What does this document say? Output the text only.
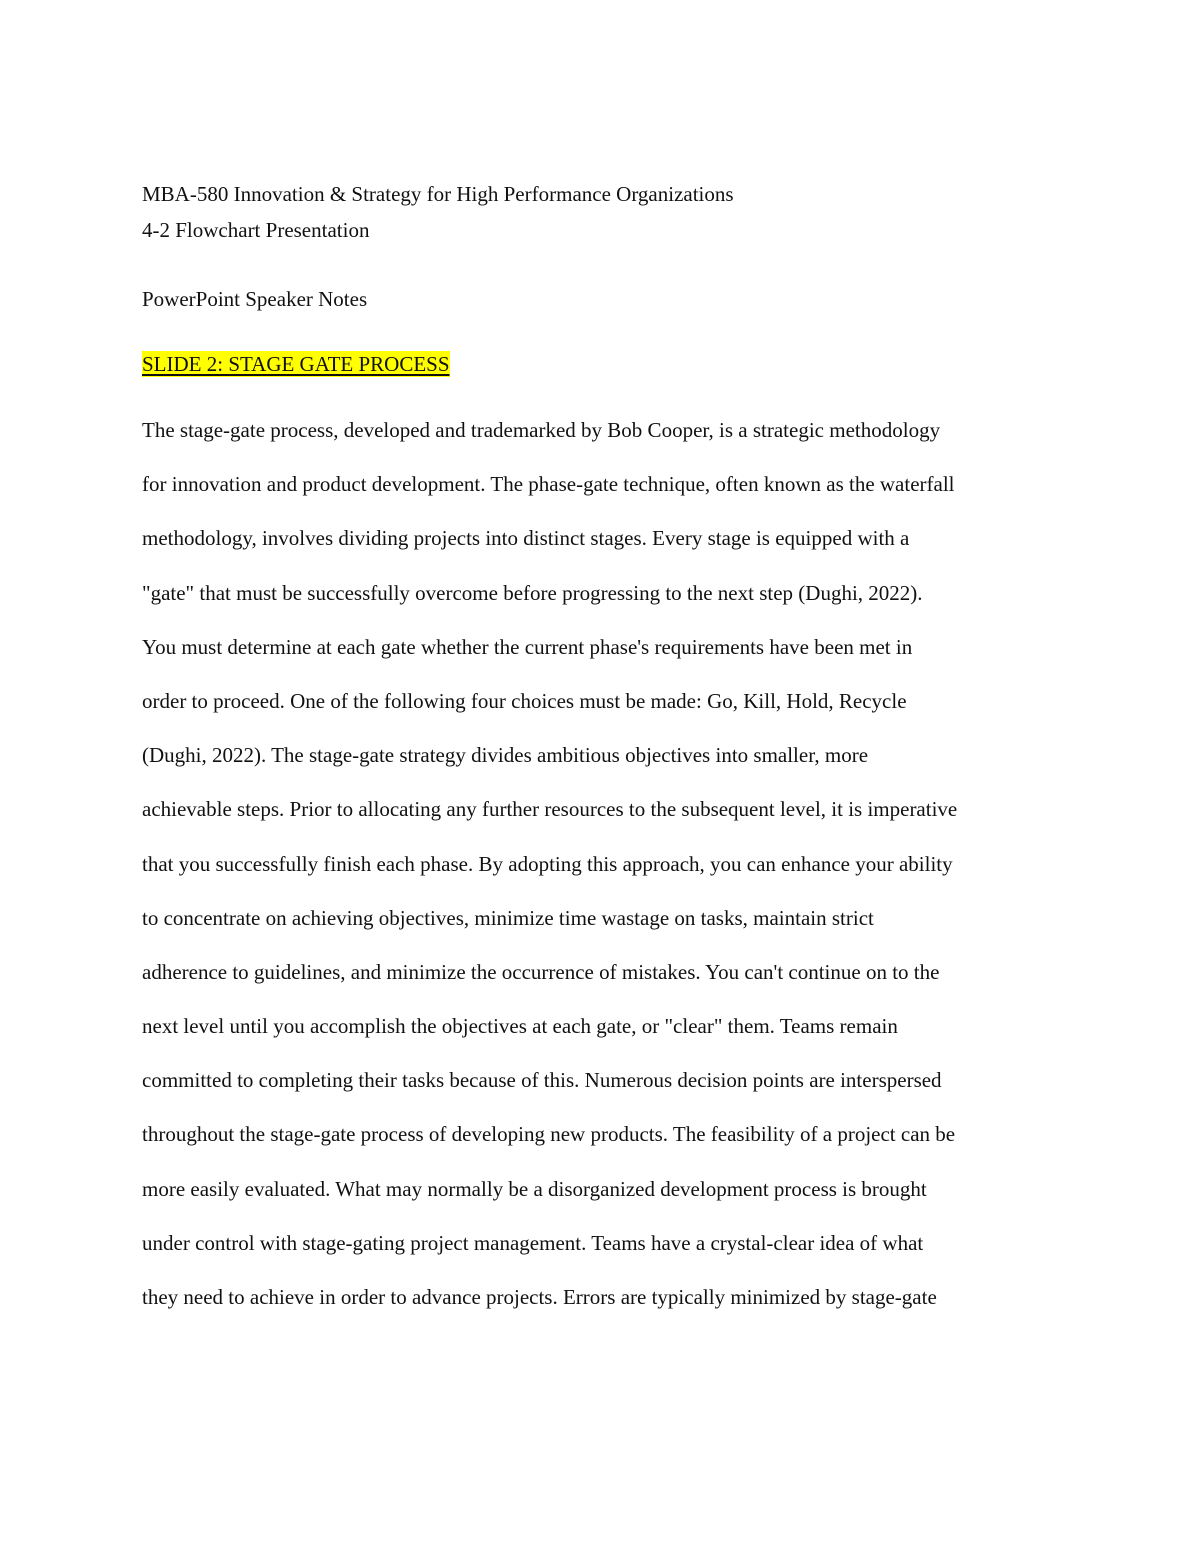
MBA-580 Innovation & Strategy for High Performance Organizations
4-2 Flowchart Presentation
PowerPoint Speaker Notes
SLIDE 2: STAGE GATE PROCESS
The stage-gate process, developed and trademarked by Bob Cooper, is a strategic methodology
for innovation and product development. The phase-gate technique, often known as the waterfall
methodology, involves dividing projects into distinct stages. Every stage is equipped with a
"gate" that must be successfully overcome before progressing to the next step (Dughi, 2022).
You must determine at each gate whether the current phase's requirements have been met in
order to proceed. One of the following four choices must be made: Go, Kill, Hold, Recycle
(Dughi, 2022). The stage-gate strategy divides ambitious objectives into smaller, more
achievable steps. Prior to allocating any further resources to the subsequent level, it is imperative
that you successfully finish each phase. By adopting this approach, you can enhance your ability
to concentrate on achieving objectives, minimize time wastage on tasks, maintain strict
adherence to guidelines, and minimize the occurrence of mistakes. You can't continue on to the
next level until you accomplish the objectives at each gate, or "clear" them. Teams remain
committed to completing their tasks because of this. Numerous decision points are interspersed
throughout the stage-gate process of developing new products. The feasibility of a project can be
more easily evaluated. What may normally be a disorganized development process is brought
under control with stage-gating project management. Teams have a crystal-clear idea of what
they need to achieve in order to advance projects. Errors are typically minimized by stage-gate
